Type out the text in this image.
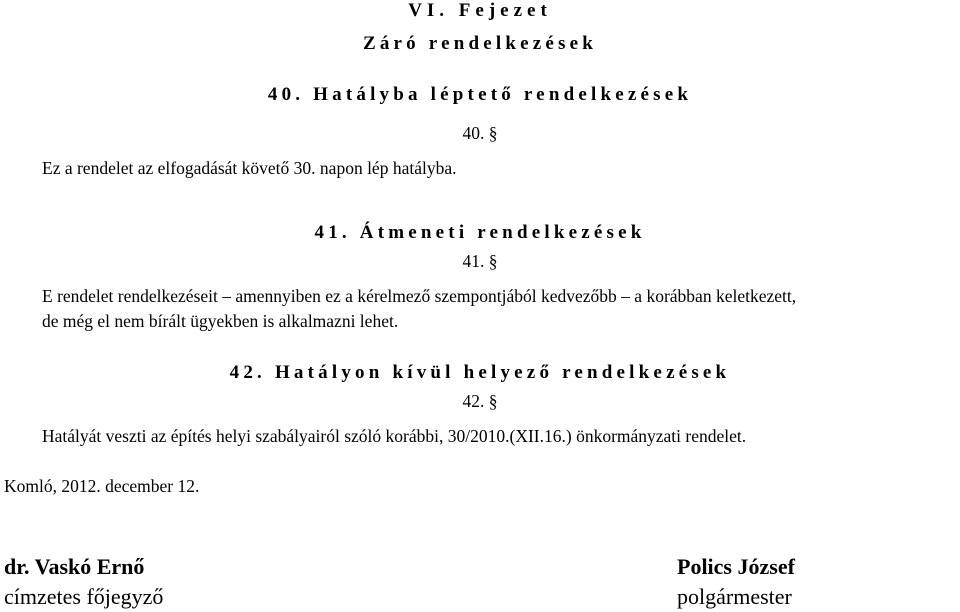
VI. Fejezet

Záró rendelkezések

40. Hatályba léptető rendelkezések

40. §

Ez a rendelet az elfogadását követő 30. napon lép hatályba.

41. Átmeneti rendelkezések

41. §

E rendelet rendelkezéseit – amennyiben ez a kérelmező szempontjából kedvezőbb – a korábban keletkezett,

de még el nem bírált ügyekben is alkalmazni lehet.

42. Hatályon kívül helyező rendelkezések

42. §

Hatályát veszti az építés helyi szabályairól szóló korábbi, 30/2010.(XII.16.) önkormányzati rendelet.

Komló, 2012. december 12.

dr. Vaskó Ernő

címzetes főjegyző

Polics József

polgármester
